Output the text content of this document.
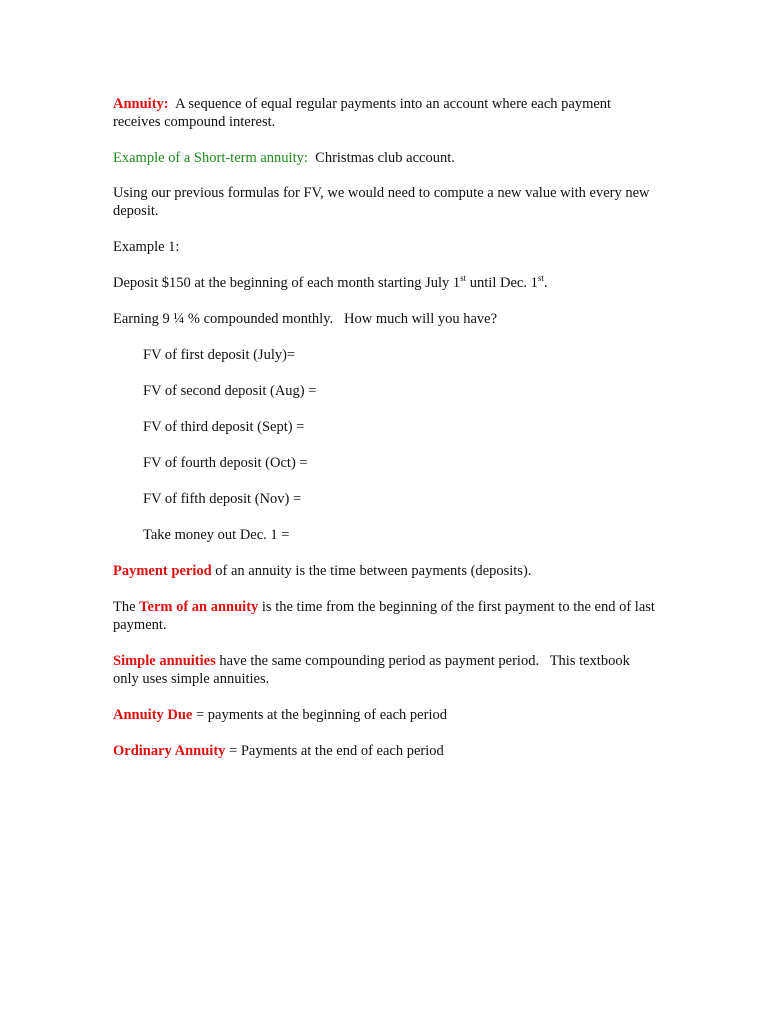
Annuity: A sequence of equal regular payments into an account where each payment receives compound interest.

Example of a Short-term annuity: Christmas club account.

Using our previous formulas for FV, we would need to compute a new value with every new deposit.

Example 1:

Deposit $150 at the beginning of each month starting July 1st until Dec. 1st.

Earning 9 ¼ % compounded monthly.   How much will you have?

FV of first deposit (July)=

FV of second deposit (Aug) =

FV of third deposit (Sept) =

FV of fourth deposit (Oct) =

FV of fifth deposit (Nov) =

Take money out Dec. 1 =

Payment period of an annuity is the time between payments (deposits).

The Term of an annuity is the time from the beginning of the first payment to the end of last payment.

Simple annuities have the same compounding period as payment period.   This textbook only uses simple annuities.

Annuity Due = payments at the beginning of each period

Ordinary Annuity = Payments at the end of each period
